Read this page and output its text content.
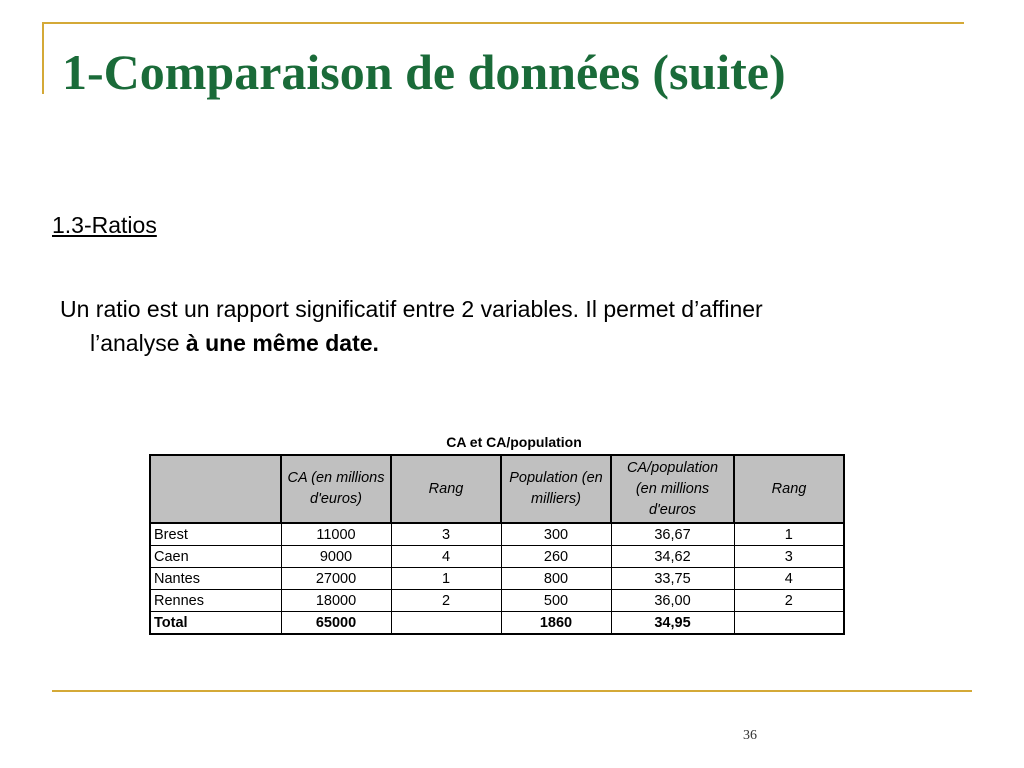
1-Comparaison de données (suite)
1.3-Ratios
Un ratio est un rapport significatif entre 2 variables. Il permet d’affiner
l’analyse à une même date.
CA et CA/population
	CA (en millions d'euros)	Rang	Population (en milliers)	CA/population (en millions d'euros	Rang
Brest	11000	3	300	36,67	1
Caen	9000	4	260	34,62	3
Nantes	27000	1	800	33,75	4
Rennes	18000	2	500	36,00	2
Total	65000		1860	34,95	
36
